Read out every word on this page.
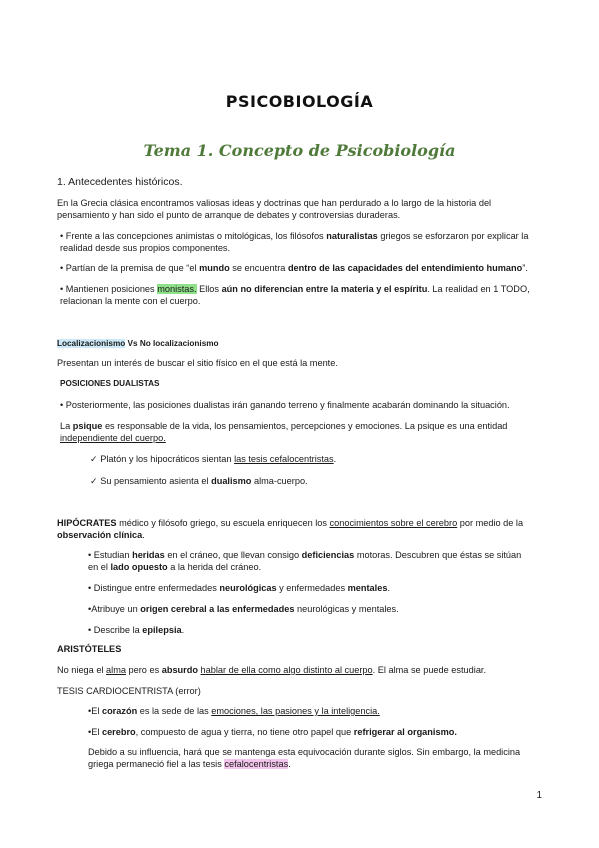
PSICOBIOLOGÍA
Tema 1. Concepto de Psicobiología
1. Antecedentes históricos.
En la Grecia clásica encontramos valiosas ideas y doctrinas que han perdurado a lo largo de la historia del
pensamiento y han sido el punto de arranque de debates y controversias duraderas.
• Frente a las concepciones animistas o mitológicas, los filósofos naturalistas griegos se esforzaron por explicar la
realidad desde sus propios componentes.
• Partían de la premisa de que “el mundo se encuentra dentro de las capacidades del entendimiento humano”.
• Mantienen posiciones monistas. Ellos aún no diferencian entre la materia y el espíritu. La realidad en 1 TODO,
relacionan la mente con el cuerpo.
Localizacionismo Vs No localizacionismo
Presentan un interés de buscar el sitio físico en el que está la mente.
POSICIONES DUALISTAS
• Posteriormente, las posiciones dualistas irán ganando terreno y finalmente acabarán dominando la situación.
La psique es responsable de la vida, los pensamientos, percepciones y emociones. La psique es una entidad
independiente del cuerpo.
✓ Platón y los hipocráticos sientan las tesis cefalocentristas.
✓ Su pensamiento asienta el dualismo alma-cuerpo.
HIPÓCRATES médico y filósofo griego, su escuela enriquecen los conocimientos sobre el cerebro por medio de la
observación clínica.
• Estudian heridas en el cráneo, que llevan consigo deficiencias motoras. Descubren que éstas se sitúan
en el lado opuesto a la herida del cráneo.
• Distingue entre enfermedades neurológicas y enfermedades mentales.
•Atribuye un origen cerebral a las enfermedades neurológicas y mentales.
• Describe la epilepsia.
ARISTÓTELES
No niega el alma pero es absurdo hablar de ella como algo distinto al cuerpo. El alma se puede estudiar.
TESIS CARDIOCENTRISTA (error)
•El corazón es la sede de las emociones, las pasiones y la inteligencia.
•El cerebro, compuesto de agua y tierra, no tiene otro papel que refrigerar al organismo.
Debido a su influencia, hará que se mantenga esta equivocación durante siglos. Sin embargo, la medicina
griega permaneció fiel a las tesis cefalocentristas.
1
